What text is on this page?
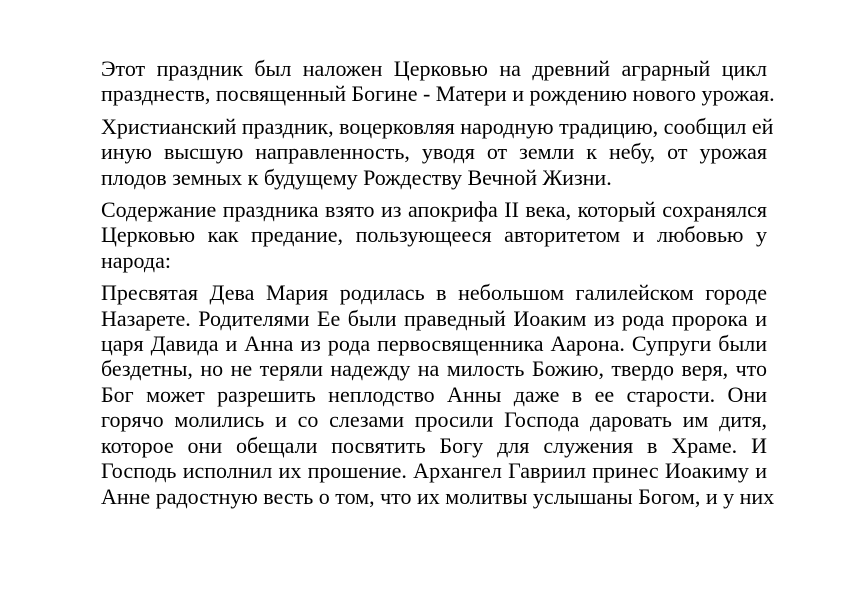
Этот праздник был наложен Церковью на древний аграрный цикл
празднеств, посвященный Богине - Матери и рождению нового урожая.

Христианский праздник, воцерковляя народную традицию, сообщил ей
иную высшую направленность, уводя от земли к небу, от урожая
плодов земных к будущему Рождеству Вечной Жизни.

Содержание праздника взято из апокрифа II века, который сохранялся
Церковью как предание, пользующееся авторитетом и любовью у
народа:

Пресвятая Дева Мария родилась в небольшом галилейском городе
Назарете. Родителями Ее были праведный Иоаким из рода пророка и
царя Давида и Анна из рода первосвященника Аарона. Супруги были
бездетны, но не теряли надежду на милость Божию, твердо веря, что
Бог может разрешить неплодство Анны даже в ее старости. Они
горячо молились и со слезами просили Господа даровать им дитя,
которое они обещали посвятить Богу для служения в Храме. И
Господь исполнил их прошение. Архангел Гавриил принес Иоакиму и
Анне радостную весть о том, что их молитвы услышаны Богом, и у них
